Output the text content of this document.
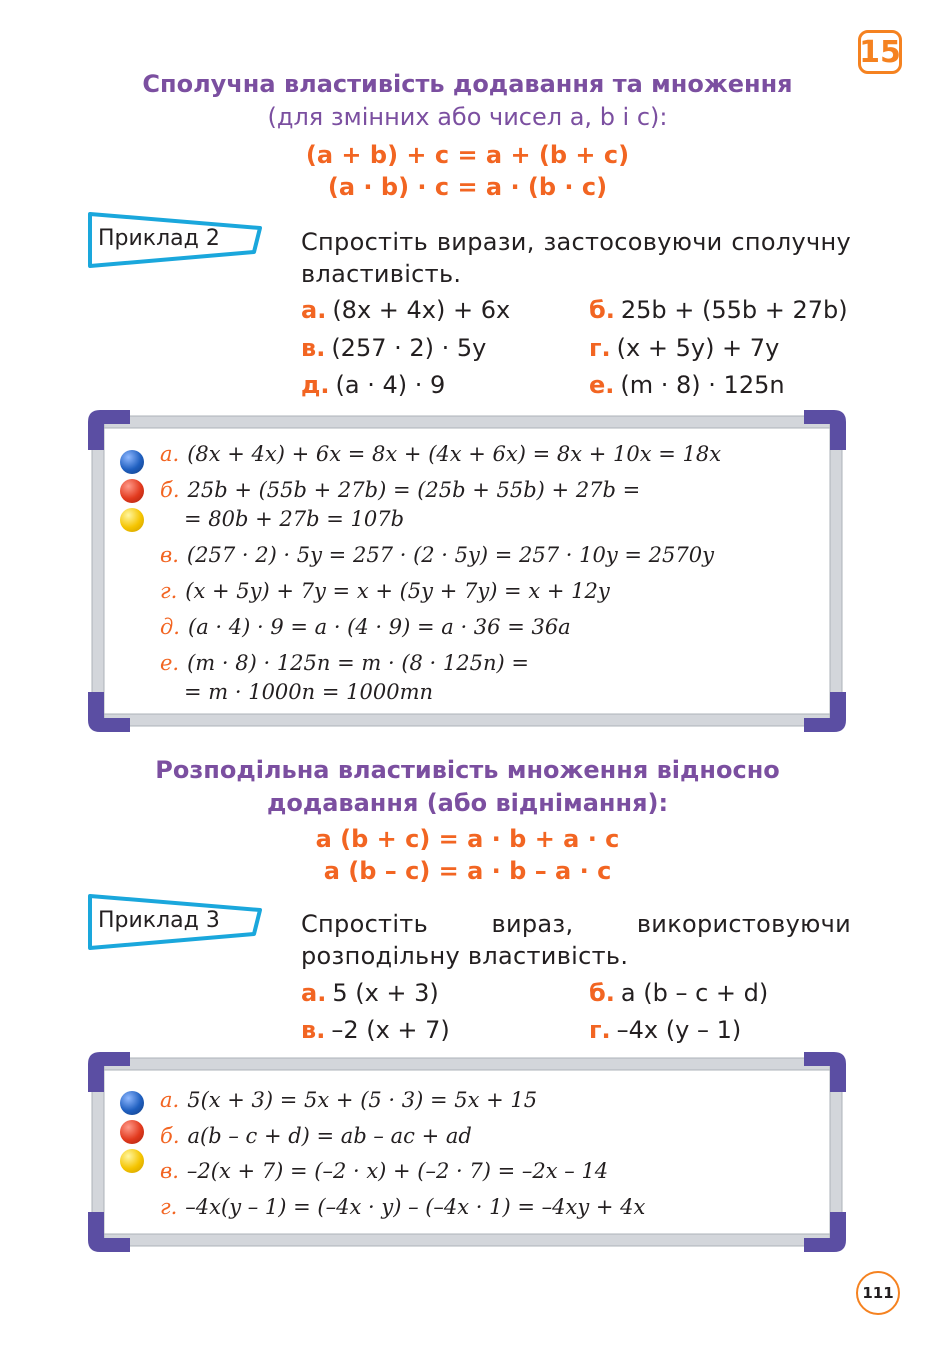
15
111
Сполучна властивість додавання та множення
(для змінних або чисел a, b і c):
(a + b) + c = a + (b + c)
(a · b) · c = a · (b · c)
Приклад 2	Спростіть вирази, застосовуючи сполучну властивість.
а. (8x + 4x) + 6x	б. 25b + (55b + 27b)
в. (257 · 2) · 5y	г. (x + 5y) + 7y
д. (a · 4) · 9	е. (m · 8) · 125n
а. (8x + 4x) + 6x = 8x + (4x + 6x) = 8x + 10x = 18x
б. 25b + (55b + 27b) = (25b + 55b) + 27b =
= 80b + 27b = 107b
в. (257 · 2) · 5y = 257 · (2 · 5y) = 257 · 10y = 2570y
г. (x + 5y) + 7y = x + (5y + 7y) = x + 12y
д. (a · 4) · 9 = a · (4 · 9) = a · 36 = 36a
е. (m · 8) · 125n = m · (8 · 125n) =
= m · 1000n = 1000mn
Розподільна властивість множення відносно
додавання (або віднімання):
a (b + c) = a · b + a · c
a (b – c) = a · b – a · c
Приклад 3	Спростіть вираз, використовуючи розподільну властивість.
а. 5 (x + 3)	б. a (b – c + d)
в. –2 (x + 7)	г. –4x (y – 1)
а. 5(x + 3) = 5x + (5 · 3) = 5x + 15
б. a(b – c + d) = ab – ac + ad
в. –2(x + 7) = (–2 · x) + (–2 · 7) = –2x – 14
г. –4x(y – 1) = (–4x · y) – (–4x · 1) = –4xy + 4x
